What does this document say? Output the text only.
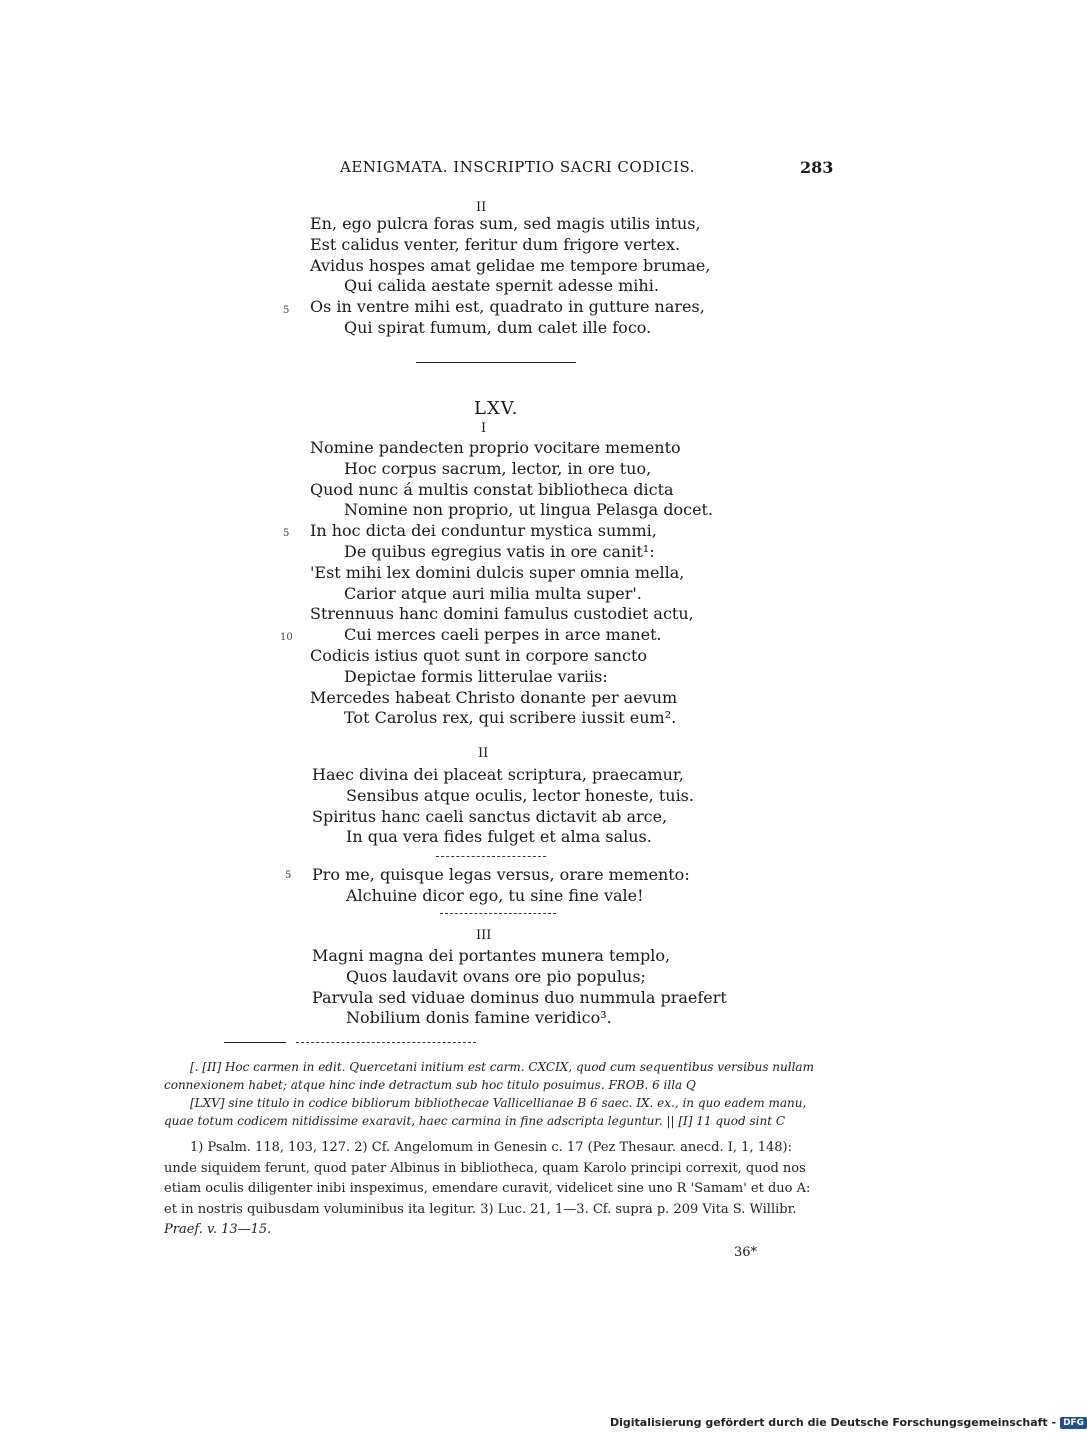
AENIGMATA. INSCRIPTIO SACRI CODICIS.	283
II
5
En, ego pulcra foras sum, sed magis utilis intus,
Est calidus venter, feritur dum frigore vertex.
Avidus hospes amat gelidae me tempore brumae,
Qui calida aestate spernit adesse mihi.
Os in ventre mihi est, quadrato in gutture nares,
Qui spirat fumum, dum calet ille foco.
LXV.
I
5
10
Nomine pandecten proprio vocitare memento
Hoc corpus sacrum, lector, in ore tuo,
Quod nunc á multis constat bibliotheca dicta
Nomine non proprio, ut lingua Pelasga docet.
In hoc dicta dei conduntur mystica summi,
De quibus egregius vatis in ore canit¹:
'Est mihi lex domini dulcis super omnia mella,
Carior atque auri milia multa super'.
Strennuus hanc domini famulus custodiet actu,
Cui merces caeli perpes in arce manet.
Codicis istius quot sunt in corpore sancto
Depictae formis litterulae variis:
Mercedes habeat Christo donante per aevum
Tot Carolus rex, qui scribere iussit eum².
II
Haec divina dei placeat scriptura, praecamur,
Sensibus atque oculis, lector honeste, tuis.
Spiritus hanc caeli sanctus dictavit ab arce,
In qua vera fides fulget et alma salus.
5 Pro me, quisque legas versus, orare memento:
Alchuine dicor ego, tu sine fine vale!
III
Magni magna dei portantes munera templo,
Quos laudavit ovans ore pio populus;
Parvula sed viduae dominus duo nummula praefert
Nobilium donis famine veridico³.
[. [II] Hoc carmen in edit. Quercetani initium est carm. CXCIX, quod cum sequentibus versibus nullam
connexionem habet; atque hinc inde detractum sub hoc titulo posuimus. FROB. 6 illa Q
[LXV] sine titulo in codice bibliorum bibliothecae Vallicellianae B 6 saec. IX. ex., in quo eadem manu,
quae totum codicem nitidissime exaravit, haec carmina in fine adscripta leguntur. || [I] 11 quod sint C
1) Psalm. 118, 103, 127. 2) Cf. Angelomum in Genesin c. 17 (Pez Thesaur. anecd. I, 1, 148):
unde siquidem ferunt, quod pater Albinus in bibliotheca, quam Karolo principi correxit, quod nos
etiam oculis diligenter inibi inspeximus, emendare curavit, videlicet sine uno R 'Samam' et duo A:
et in nostris quibusdam voluminibus ita legitur. 3) Luc. 21, 1—3. Cf. supra p. 209 Vita S. Willibr.
Praef. v. 13—15.
36*
Digitalisierung gefördert durch die Deutsche Forschungsgemeinschaft - DFG
